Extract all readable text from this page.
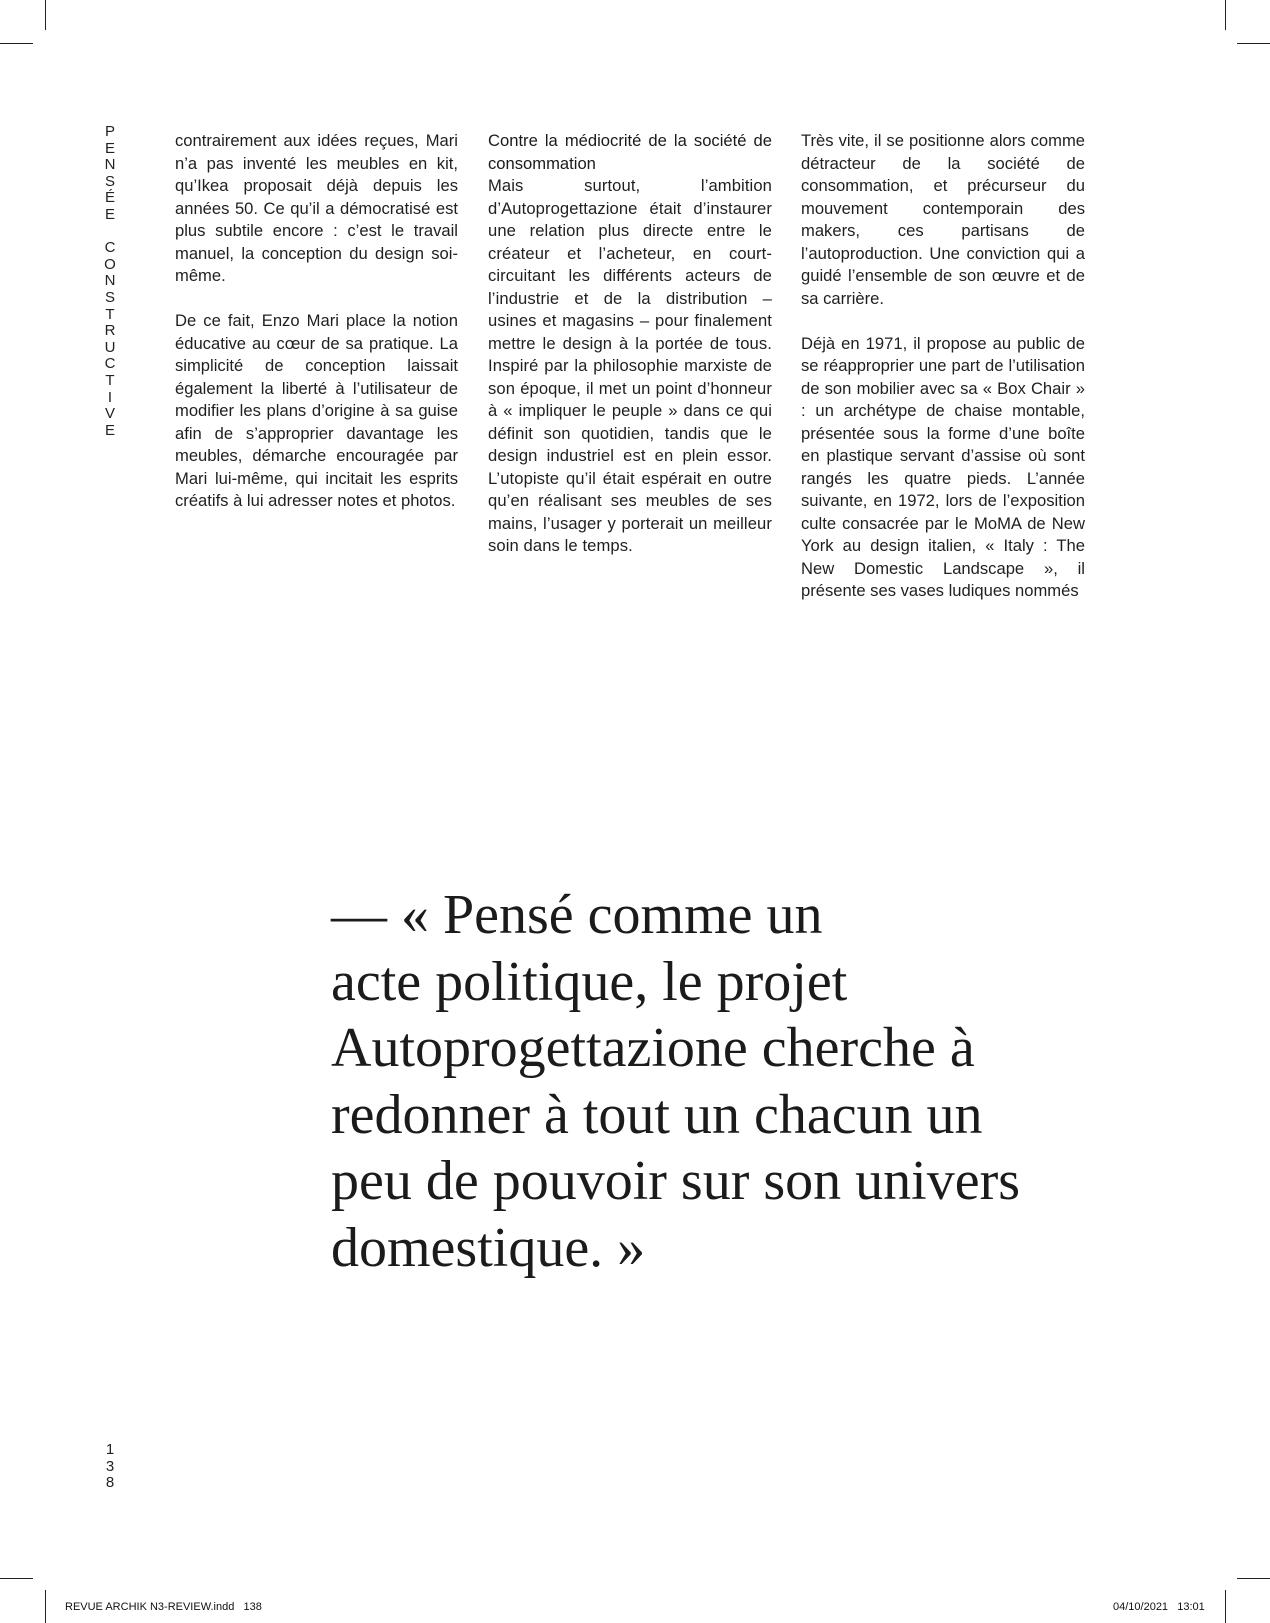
P
E
N
S
É
E

C
O
N
S
T
R
U
C
T
I
V
E
1
3
8

contrairement aux idées reçues, Mari n’a pas inventé les meubles en kit, qu’Ikea proposait déjà depuis les années 50. Ce qu’il a démocratisé est plus subtile encore : c’est le travail manuel, la conception du design soi-même.

De ce fait, Enzo Mari place la notion éducative au cœur de sa pratique. La simplicité de conception laissait également la liberté à l’utilisateur de modifier les plans d’origine à sa guise afin de s’approprier davantage les meubles, démarche encouragée par Mari lui-même, qui incitait les esprits créatifs à lui adresser notes et photos.

Contre la médiocrité de la société de consommation

Mais surtout, l’ambition d’Autoprogettazione était d’instaurer une relation plus directe entre le créateur et l’acheteur, en court-circuitant les différents acteurs de l’industrie et de la distribution – usines et magasins – pour finalement mettre le design à la portée de tous. Inspiré par la philosophie marxiste de son époque, il met un point d’honneur à « impliquer le peuple » dans ce qui définit son quotidien, tandis que le design industriel est en plein essor. L’utopiste qu’il était espérait en outre qu’en réalisant ses meubles de ses mains, l’usager y porterait un meilleur soin dans le temps.

Très vite, il se positionne alors comme détracteur de la société de consommation, et précurseur du mouvement contemporain des makers, ces partisans de l’autoproduction. Une conviction qui a guidé l’ensemble de son œuvre et de sa carrière.

Déjà en 1971, il propose au public de se réapproprier une part de l’utilisation de son mobilier avec sa « Box Chair » : un archétype de chaise montable, présentée sous la forme d’une boîte en plastique servant d’assise où sont rangés les quatre pieds. L’année suivante, en 1972, lors de l’exposition culte consacrée par le MoMA de New York au design italien, « Italy : The New Domestic Landscape », il présente ses vases ludiques nommés

— « Pensé comme un
acte politique, le projet
Autoprogettazione cherche à
redonner à tout un chacun un
peu de pouvoir sur son univers
domestique. »
REVUE ARCHIK N3-REVIEW.indd   138	04/10/2021   13:01
